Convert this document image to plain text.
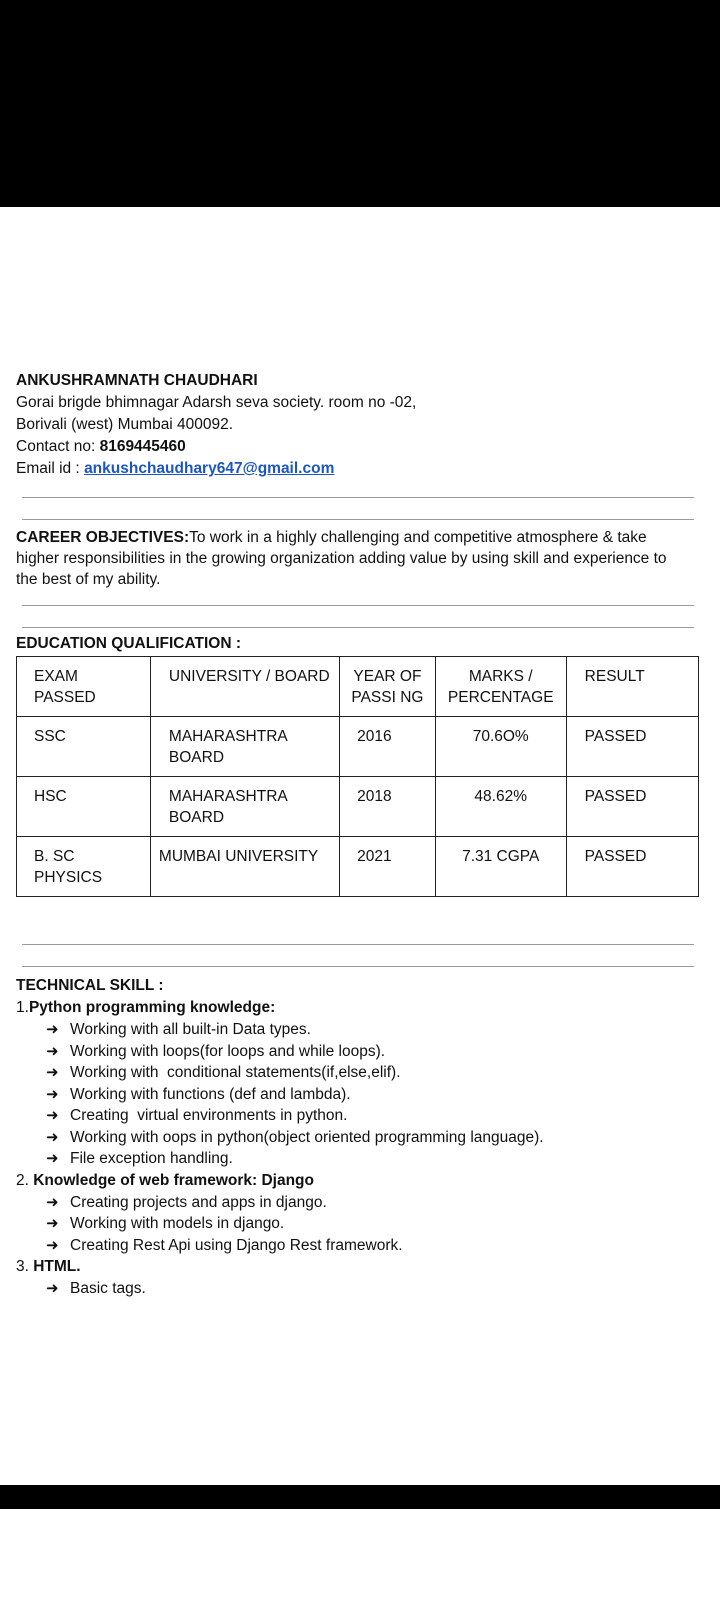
ANKUSHRAMNATH CHAUDHARI
Gorai brigde bhimnagar Adarsh seva society. room no -02,
Borivali (west) Mumbai 400092.
Contact no: 8169445460
Email id : ankushchaudhary647@gmail.com
CAREER OBJECTIVES:To work in a highly challenging and competitive atmosphere & take higher responsibilities in the growing organization adding value by using skill and experience to the best of my ability.
EDUCATION QUALIFICATION :
EXAM PASSED	UNIVERSITY / BOARD	YEAR OF PASSI NG	MARKS / PERCENTAGE	RESULT
SSC	MAHARASHTRA BOARD	2016	70.6O%	PASSED
HSC	MAHARASHTRA BOARD	2018	48.62%	PASSED
B. SC PHYSICS	MUMBAI UNIVERSITY	2021	7.31 CGPA	PASSED
TECHNICAL SKILL :
1.Python programming knowledge:
➜ Working with all built-in Data types.
➜ Working with loops(for loops and while loops).
➜ Working with  conditional statements(if,else,elif).
➜ Working with functions (def and lambda).
➜ Creating  virtual environments in python.
➜ Working with oops in python(object oriented programming language).
➜ File exception handling.
2. Knowledge of web framework: Django
➜ Creating projects and apps in django.
➜ Working with models in django.
➜ Creating Rest Api using Django Rest framework.
3. HTML.
➜ Basic tags.
